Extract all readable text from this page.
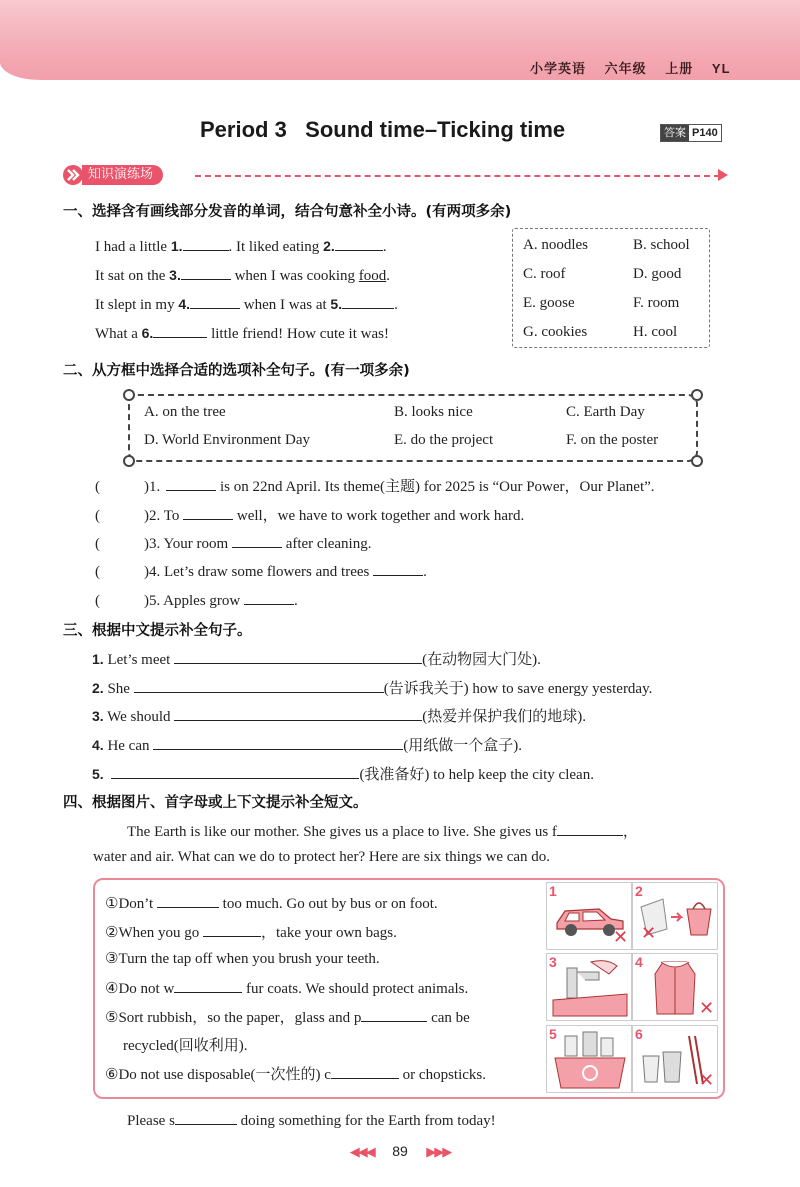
小学英语 六年级 上册 YL
Period 3   Sound time–Ticking time	答案 P140
知识演练场
一、选择含有画线部分发音的单词，结合句意补全小诗。(有两项多余)
I had a little 1.	. It liked eating 2.	.
It sat on the 3.	when I was cooking food.
It slept in my 4.	when I was at 5.	.
What a 6.	little friend! How cute it was!
A. noodles	B. school
C. roof	D. good
E. goose	F. room
G. cookies	H. cool
二、从方框中选择合适的选项补全句子。(有一项多余)
A. on the tree	B. looks nice	C. Earth Day
D. World Environment Day	E. do the project	F. on the poster
(	)1.	is on 22nd April. Its theme(主题) for 2025 is “Our Power，Our Planet”.
(	)2. To	well，we have to work together and work hard.
(	)3. Your room	after cleaning.
(	)4. Let’s draw some flowers and trees	.
(	)5. Apples grow	.
三、根据中文提示补全句子。
1. Let’s meet	(在动物园大门处).
2. She	(告诉我关于) how to save energy yesterday.
3. We should	(热爱并保护我们的地球).
4. He can	(用纸做一个盒子).
5.	(我准备好) to help keep the city clean.
四、根据图片、首字母或上下文提示补全短文。
The Earth is like our mother. She gives us a place to live. She gives us f	，
water and air. What can we do to protect her? Here are six things we can do.
①Don’t	too much. Go out by bus or on foot.
②When you go	，take your own bags.
③Turn the tap off when you brush your teeth.
④Do not w	fur coats. We should protect animals.
⑤Sort rubbish，so the paper，glass and p	can be
recycled(回收利用).
⑥Do not use disposable(一次性的) c	or chopsticks.
1
✕
2
✕
3	4
✕
5	6
✕
Please s	doing something for the Earth from today!
◀◀◀ 89 ▶▶▶
